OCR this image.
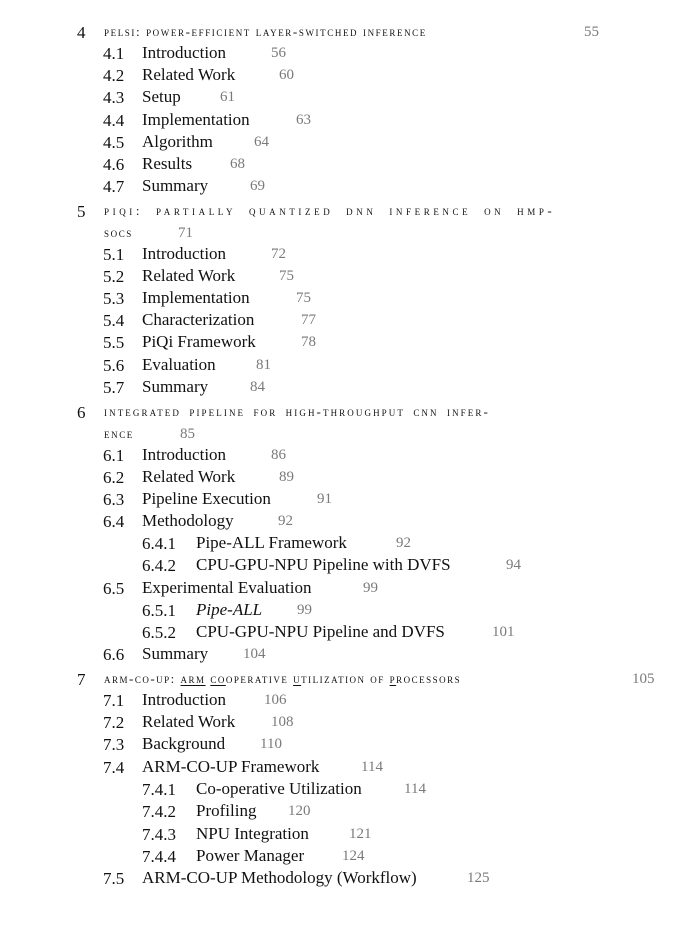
4 pelsi: power-efficient layer-switched inference	55
4.1 Introduction	56
4.2 Related Work	60
4.3 Setup	61
4.4 Implementation	63
4.5 Algorithm	64
4.6 Results	68
4.7 Summary	69
5 piqi: partially quantized dnn inference on hmp-
socs	71
5.1 Introduction	72
5.2 Related Work	75
5.3 Implementation	75
5.4 Characterization	77
5.5 PiQi Framework	78
5.6 Evaluation	81
5.7 Summary	84
6 integrated pipeline for high-throughput cnn infer-
ence	85
6.1 Introduction	86
6.2 Related Work	89
6.3 Pipeline Execution	91
6.4 Methodology	92
6.4.1 Pipe-ALL Framework	92
6.4.2 CPU-GPU-NPU Pipeline with DVFS	94
6.5 Experimental Evaluation	99
6.5.1 Pipe-ALL 99
6.5.2 CPU-GPU-NPU Pipeline and DVFS	101
6.6 Summary 104
7 arm-co-up: arm cooperative utilization of processors	105
7.1 Introduction	106
7.2 Related Work 108
7.3 Background 110
7.4 ARM-CO-UP Framework	114
7.4.1 Co-operative Utilization	114
7.4.2 Profiling 120
7.4.3 NPU Integration	121
7.4.4 Power Manager	124
7.5 ARM-CO-UP Methodology (Workflow)	125
